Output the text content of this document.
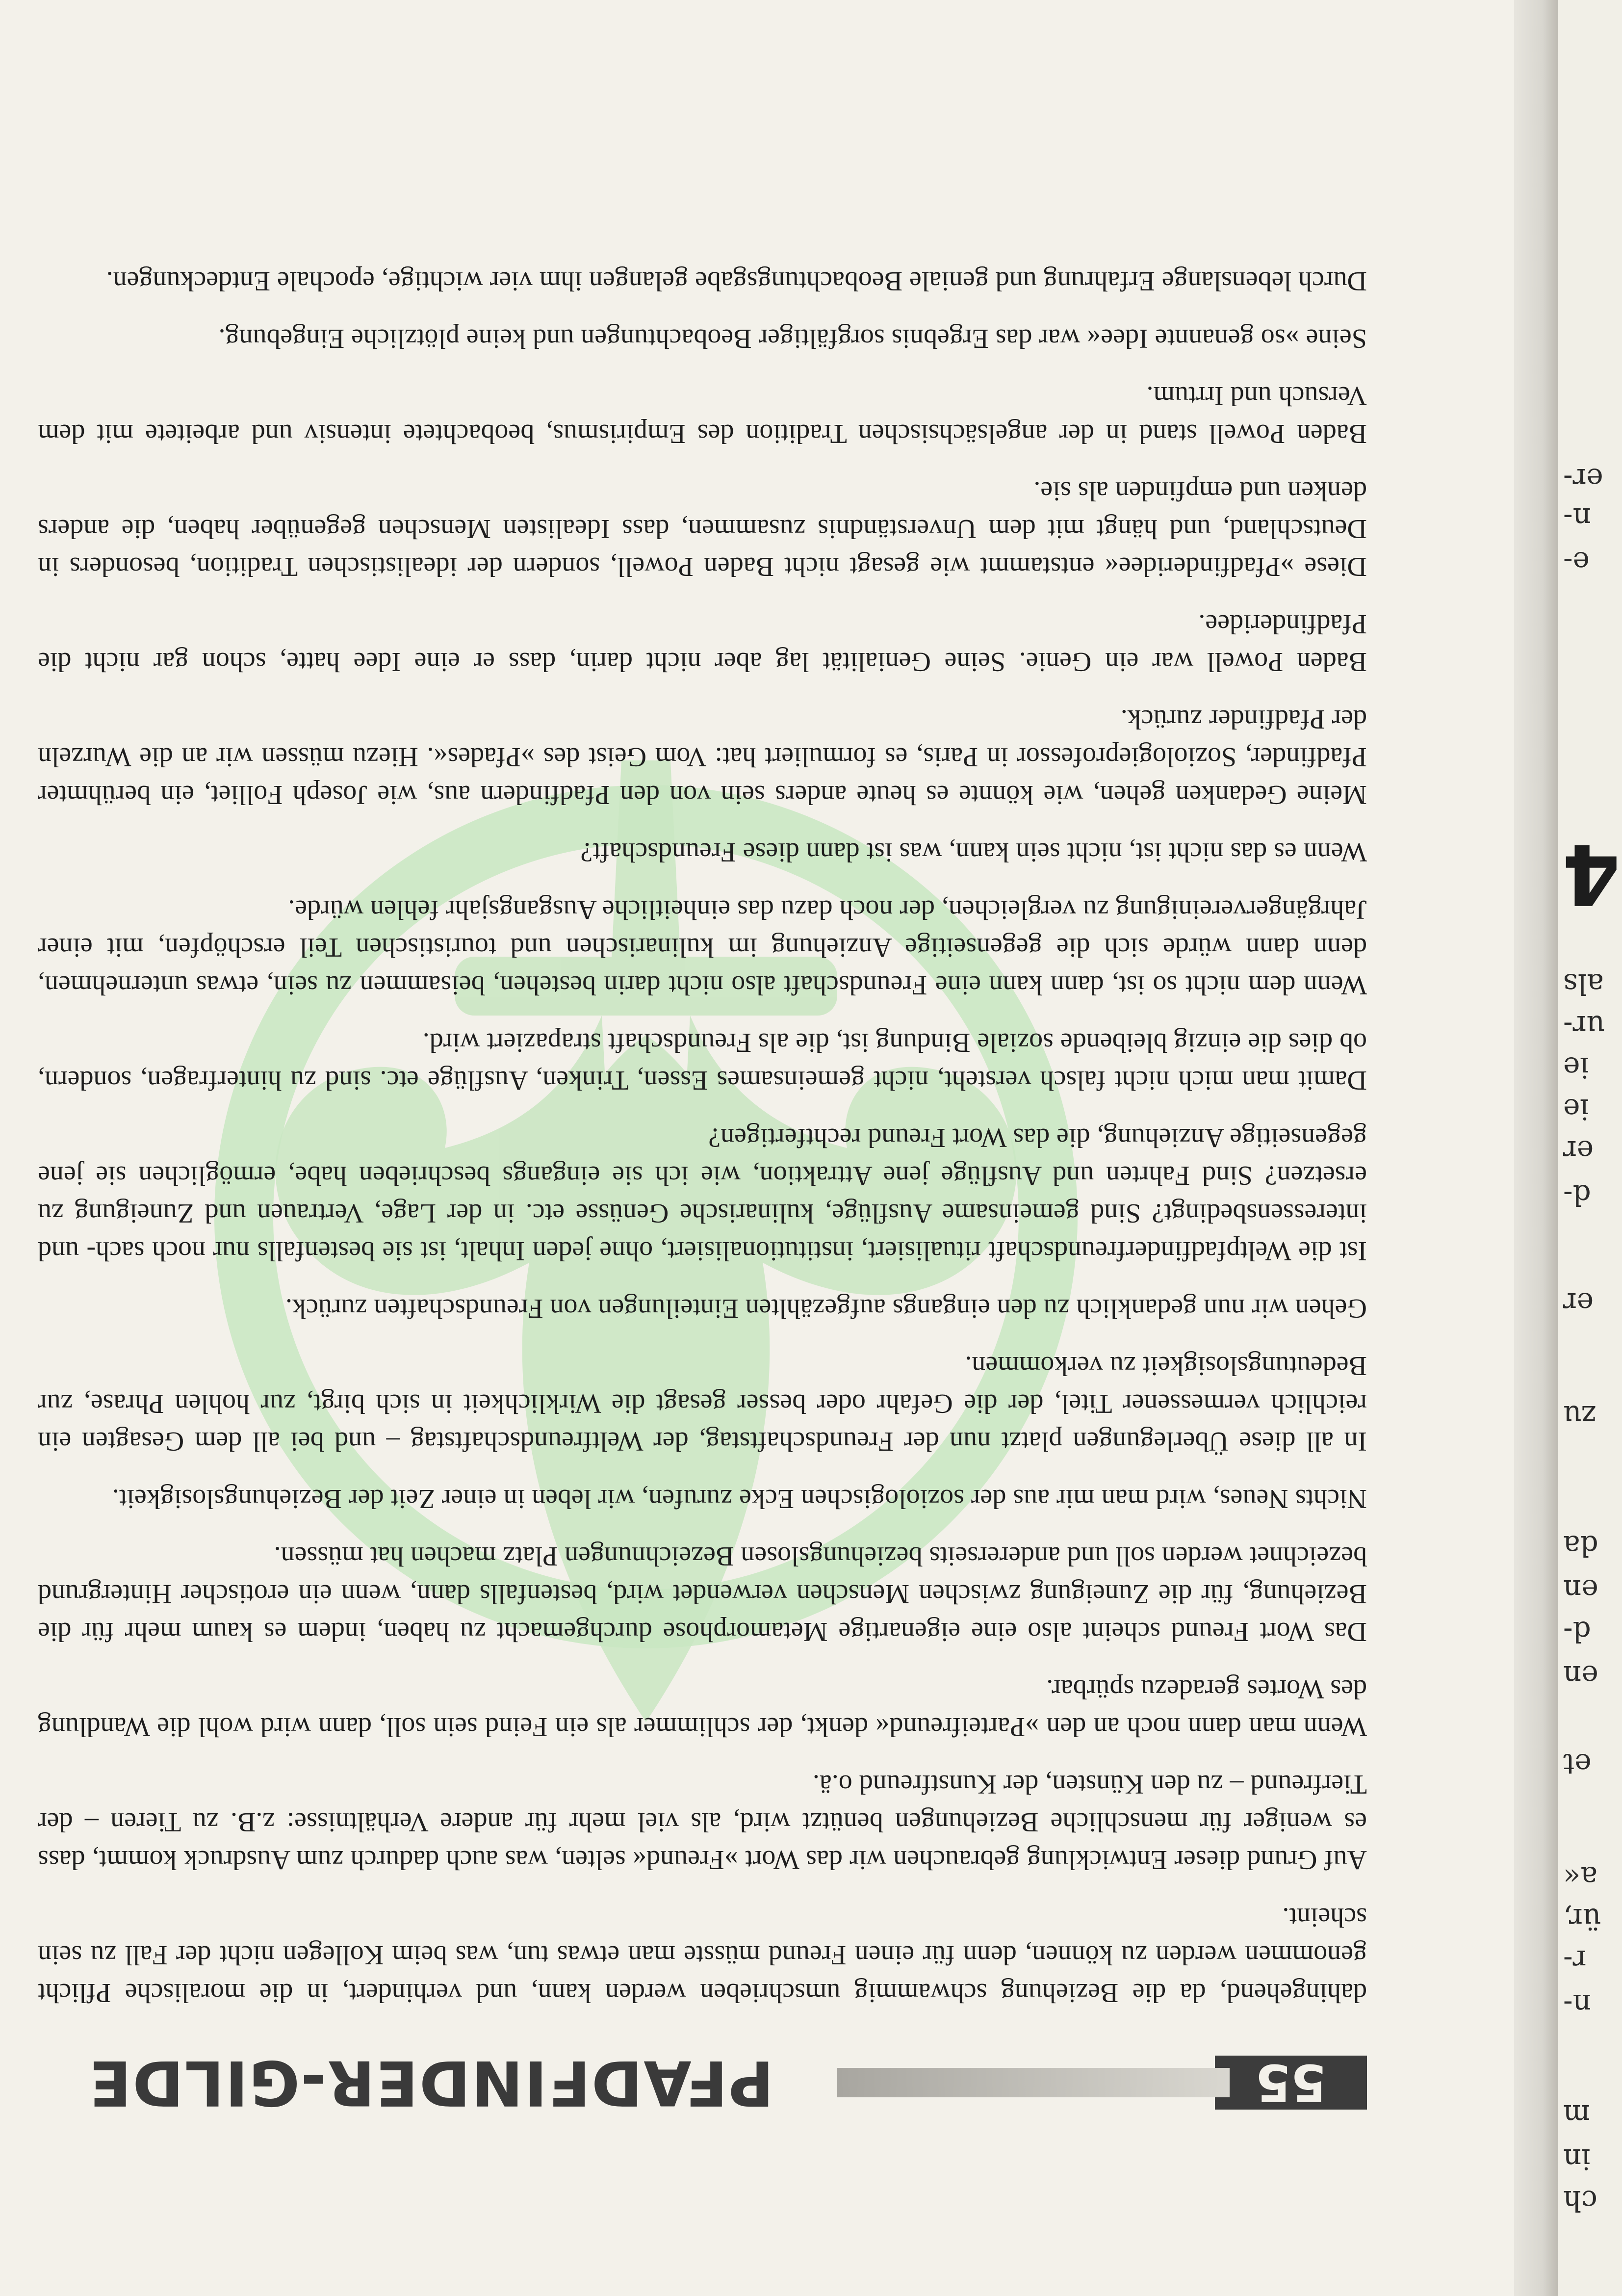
ch
in
m
n-
r-
ür,
a«
et
en
d-
en
da
zu
er
d-
er
ie
ie
ur-
als
4
e-
n-
er-
55
PFADFINDER-GILDE

dahingehend, da die Beziehung schwammig umschrieben werden kann, und verhindert, in die moralische Pflicht genommen werden zu können, denn für einen Freund müsste man etwas tun, was beim Kollegen nicht der Fall zu sein scheint.

Auf Grund dieser Entwicklung gebrauchen wir das Wort »Freund« selten, was auch dadurch zum Ausdruck kommt, dass es weniger für menschliche Beziehungen benützt wird, als viel mehr für andere Verhältnisse: z.B. zu Tieren – der Tierfreund – zu den Künsten, der Kunstfreund o.ä.

Wenn man dann noch an den »Parteifreund« denkt, der schlimmer als ein Feind sein soll, dann wird wohl die Wandlung des Wortes geradezu spürbar.

Das Wort Freund scheint also eine eigenartige Metamorphose durchgemacht zu haben, indem es kaum mehr für die Beziehung, für die Zuneigung zwischen Menschen verwendet wird, bestenfalls dann, wenn ein erotischer Hintergrund bezeichnet werden soll und andererseits beziehungslosen Bezeichnungen Platz machen hat müssen.

Nichts Neues, wird man mir aus der soziologischen Ecke zurufen, wir leben in einer Zeit der Beziehungslosigkeit.

In all diese Überlegungen platzt nun der Freundschaftstag, der Weltfreundschaftstag – und bei all dem Gesagten ein reichlich vermessener Titel, der die Gefahr oder besser gesagt die Wirklichkeit in sich birgt, zur hohlen Phrase, zur Bedeutungslosigkeit zu verkommen.

Gehen wir nun gedanklich zu den eingangs aufgezählten Einteilungen von Freundschaften zurück.

Ist die Weltpfadfinderfreundschaft ritualisiert, institutionalisiert, ohne jeden Inhalt, ist sie bestenfalls nur noch sach- und interessensbedingt? Sind gemeinsame Ausflüge, kulinarische Genüsse etc. in der Lage, Vertrauen und Zuneigung zu ersetzen? Sind Fahrten und Ausflüge jene Attraktion, wie ich sie eingangs beschrieben habe, ermöglichen sie jene gegenseitige Anziehung, die das Wort Freund rechtfertigen?

Damit man mich nicht falsch versteht, nicht gemeinsames Essen, Trinken, Ausflüge etc. sind zu hinterfragen, sondern, ob dies die einzig bleibende soziale Bindung ist, die als Freundschaft strapaziert wird.

Wenn dem nicht so ist, dann kann eine Freundschaft also nicht darin bestehen, beisammen zu sein, etwas unternehmen, denn dann würde sich die gegenseitige Anziehung im kulinarischen und touristischen Teil erschöpfen, mit einer Jahrgängervereinigung zu vergleichen, der noch dazu das einheitliche Ausgangsjahr fehlen würde.

Wenn es das nicht ist, nicht sein kann, was ist dann diese Freundschaft?

Meine Gedanken gehen, wie könnte es heute anders sein von den Pfadfindern aus, wie Joseph Folliet, ein berühmter Pfadfinder, Soziologieprofessor in Paris, es formuliert hat: Vom Geist des »Pfades«. Hiezu müssen wir an die Wurzeln der Pfadfinder zurück.

Baden Powell war ein Genie. Seine Genialität lag aber nicht darin, dass er eine Idee hatte, schon gar nicht die Pfadfinderidee.

Diese »Pfadfinderidee« entstammt wie gesagt nicht Baden Powell, sondern der idealistischen Tradition, besonders in Deutschland, und hängt mit dem Unverständnis zusammen, dass Idealisten Menschen gegenüber haben, die anders denken und empfinden als sie.

Baden Powell stand in der angelsächsischen Tradition des Empirismus, beobachtete intensiv und arbeitete mit dem Versuch und Irrtum.

Seine »so genannte Idee« war das Ergebnis sorgfältiger Beobachtungen und keine plötzliche Eingebung.

Durch lebenslange Erfahrung und geniale Beobachtungsgabe gelangen ihm vier wichtige, epochale Entdeckungen.
